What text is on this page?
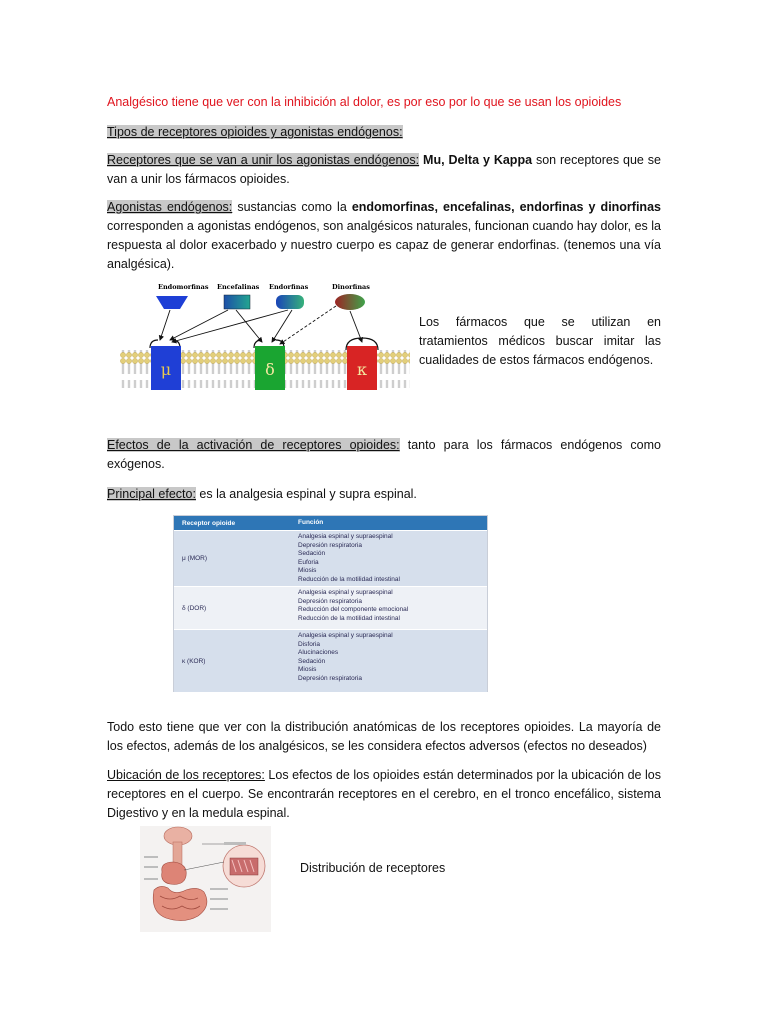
Analgésico tiene que ver con la inhibición al dolor, es por eso por lo que se usan los opioides

Tipos de receptores opioides y agonistas endógenos:

Receptores que se van a unir los agonistas endógenos: Mu, Delta y Kappa son receptores que se van a unir los fármacos opioides.

Agonistas endógenos: sustancias como la endomorfinas, encefalinas, endorfinas y dinorfinas corresponden a agonistas endógenos, son analgésicos naturales, funcionan cuando hay dolor, es la respuesta al dolor exacerbado y nuestro cuerpo es capaz de generar endorfinas. (tenemos una vía analgésica).

Endomorfinas Encefalinas Endorfinas	Dinorfinas
μ	δ	κ
Los fármacos que se utilizan en tratamientos médicos buscar imitar las cualidades de estos fármacos endógenos.

Efectos de la activación de receptores opioides: tanto para los fármacos endógenos como exógenos.

Principal efecto: es la analgesia espinal y supra espinal.

Receptor opioide	Función
μ (MOR)
Analgesia espinal y supraespinal
Depresión respiratoria
Sedación
Euforia
Miosis
Reducción de la motilidad intestinal
δ (DOR)
Analgesia espinal y supraespinal
Depresión respiratoria
Reducción del componente emocional
Reducción de la motilidad intestinal
κ (KOR)
Analgesia espinal y supraespinal
Disforia
Alucinaciones
Sedación
Miosis
Depresión respiratoria

Todo esto tiene que ver con la distribución anatómicas de los receptores opioides. La mayoría de los efectos, además de los analgésicos, se les considera efectos adversos (efectos no deseados)

Ubicación de los receptores: Los efectos de los opioides están determinados por la ubicación de los receptores en el cuerpo. Se encontrarán receptores en el cerebro, en el tronco encefálico, sistema Digestivo y en la medula espinal.

Distribución de receptores
